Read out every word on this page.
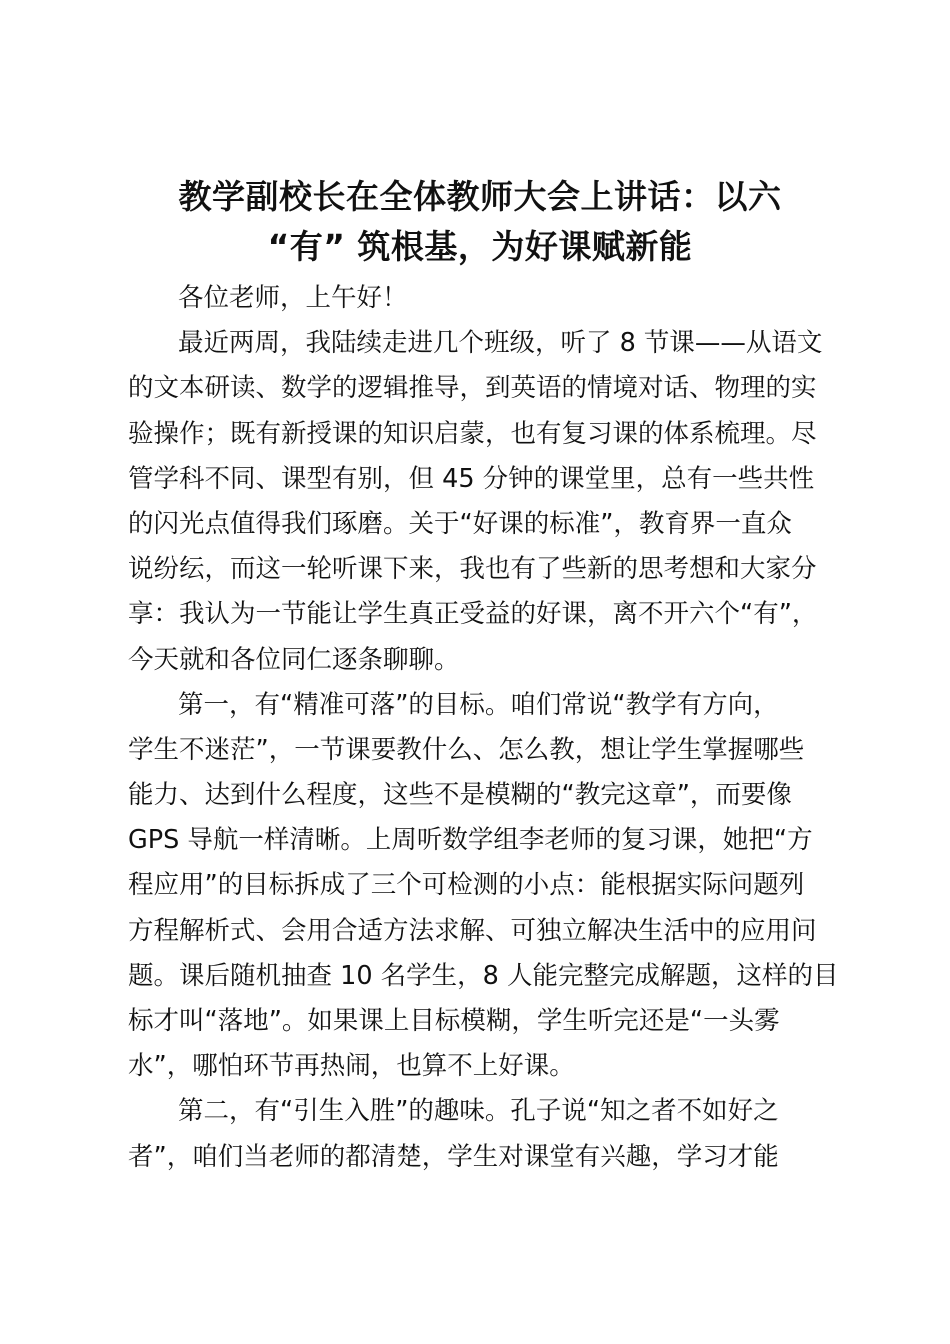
教学副校长在全体教师大会上讲话：以六
“有” 筑根基，为好课赋新能
各位老师，上午好！
最近两周，我陆续走进几个班级，听了 8 节课——从语文
的文本研读、数学的逻辑推导，到英语的情境对话、物理的实
验操作；既有新授课的知识启蒙，也有复习课的体系梳理。尽
管学科不同、课型有别，但 45 分钟的课堂里，总有一些共性
的闪光点值得我们琢磨。关于“好课的标准”，教育界一直众
说纷纭，而这一轮听课下来，我也有了些新的思考想和大家分
享：我认为一节能让学生真正受益的好课，离不开六个“有”，
今天就和各位同仁逐条聊聊。
第一，有“精准可落”的目标。咱们常说“教学有方向，
学生不迷茫”，一节课要教什么、怎么教，想让学生掌握哪些
能力、达到什么程度，这些不是模糊的“教完这章”，而要像
GPS 导航一样清晰。上周听数学组李老师的复习课，她把“方
程应用”的目标拆成了三个可检测的小点：能根据实际问题列
方程解析式、会用合适方法求解、可独立解决生活中的应用问
题。课后随机抽查 10 名学生，8 人能完整完成解题，这样的目
标才叫“落地”。如果课上目标模糊，学生听完还是“一头雾
水”，哪怕环节再热闹，也算不上好课。
第二，有“引生入胜”的趣味。孔子说“知之者不如好之
者”，咱们当老师的都清楚，学生对课堂有兴趣，学习才能
